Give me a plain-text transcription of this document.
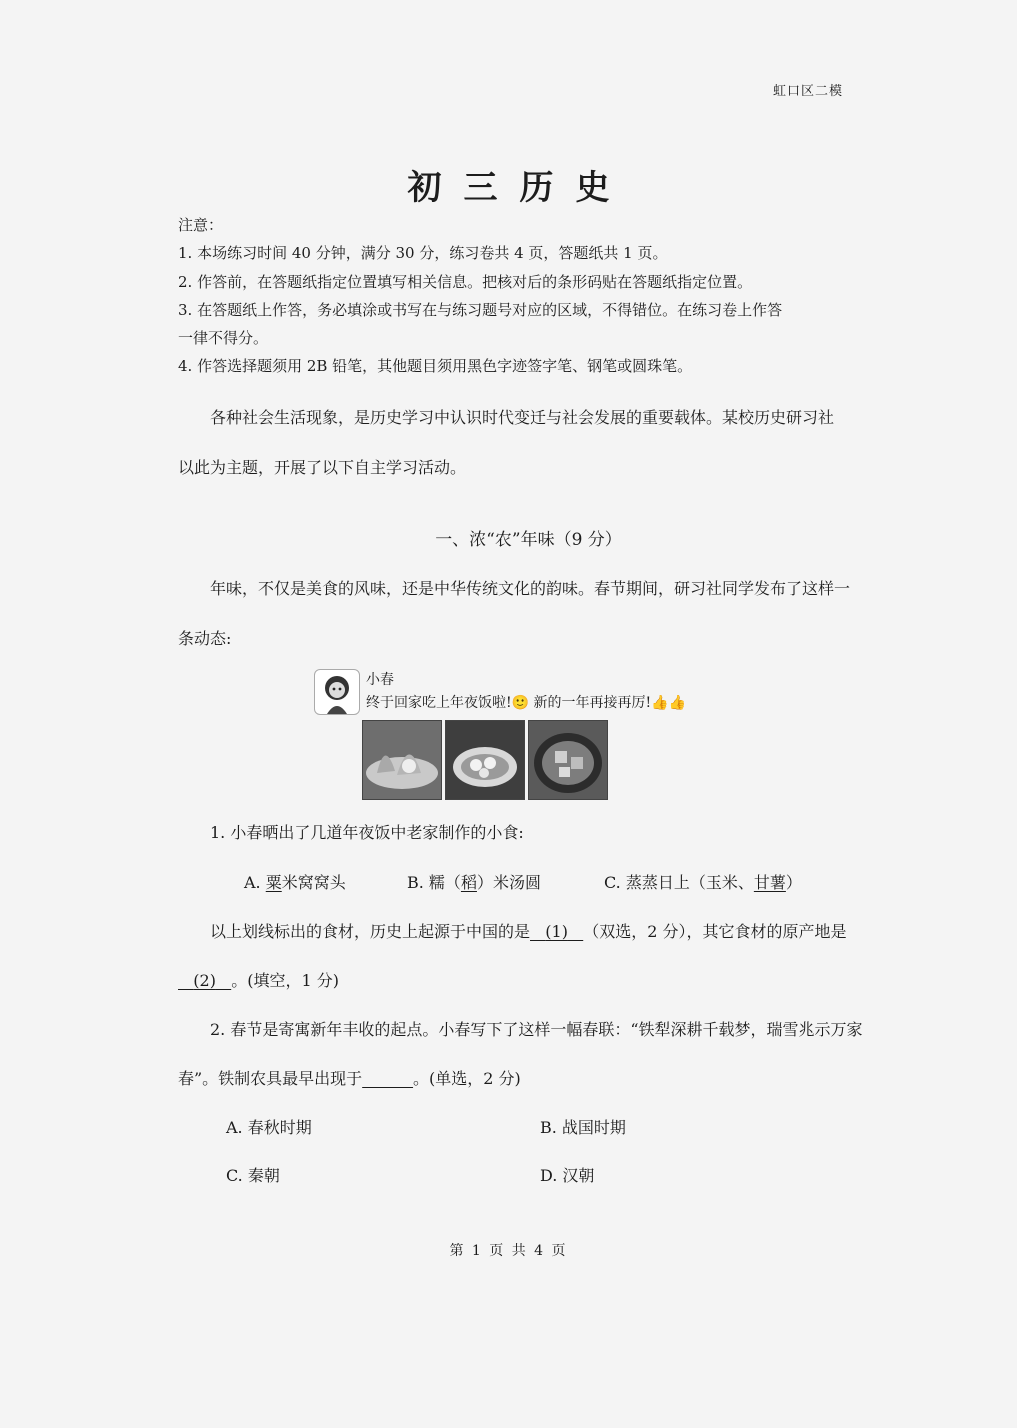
虹口区二模
初三历史
注意：
1. 本场练习时间 40 分钟，满分 30 分，练习卷共 4 页，答题纸共 1 页。
2. 作答前，在答题纸指定位置填写相关信息。把核对后的条形码贴在答题纸指定位置。
3. 在答题纸上作答，务必填涂或书写在与练习题号对应的区域，不得错位。在练习卷上作答
一律不得分。
4. 作答选择题须用 2B 铅笔，其他题目须用黑色字迹签字笔、钢笔或圆珠笔。
各种社会生活现象，是历史学习中认识时代变迁与社会发展的重要载体。某校历史研习社
以此为主题，开展了以下自主学习活动。
一、浓“农”年味（9 分）
年味，不仅是美食的风味，还是中华传统文化的韵味。春节期间，研习社同学发布了这样一
条动态:
小春
终于回家吃上年夜饭啦!🙂 新的一年再接再厉!👍👍
1. 小春晒出了几道年夜饭中老家制作的小食:
A. 粟米窝窝头	B. 糯（稻）米汤圆	C. 蒸蒸日上（玉米、甘薯）
以上划线标出的食材，历史上起源于中国的是 (1) （双选，2 分），其它食材的原产地是
(2) 。(填空，1 分)
2. 春节是寄寓新年丰收的起点。小春写下了这样一幅春联：“铁犁深耕千载梦，瑞雪兆示万家
春”。铁制农具最早出现于	。(单选，2 分)
A. 春秋时期	B. 战国时期
C. 秦朝	D. 汉朝
第 1 页 共 4 页
